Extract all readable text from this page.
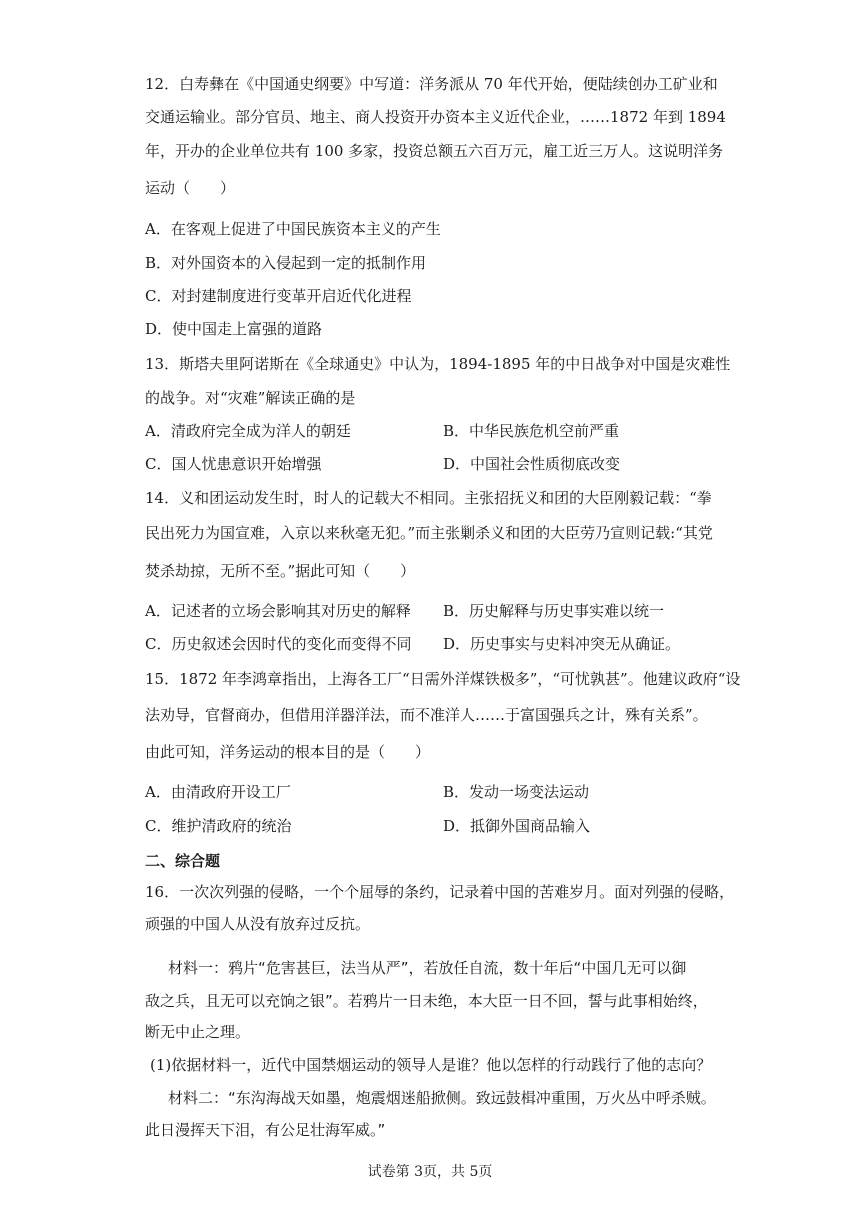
12．白寿彝在《中国通史纲要》中写道：洋务派从 70 年代开始，便陆续创办工矿业和
交通运输业。部分官员、地主、商人投资开办资本主义近代企业，……1872 年到 1894
年，开办的企业单位共有 100 多家，投资总额五六百万元，雇工近三万人。这说明洋务
运动（　　）
A．在客观上促进了中国民族资本主义的产生
B．对外国资本的入侵起到一定的抵制作用
C．对封建制度进行变革开启近代化进程
D．使中国走上富强的道路
13．斯塔夫里阿诺斯在《全球通史》中认为，1894-1895 年的中日战争对中国是灾难性
的战争。对“灾难”解读正确的是
A．清政府完全成为洋人的朝廷	B．中华民族危机空前严重
C．国人忧患意识开始增强	D．中国社会性质彻底改变
14．义和团运动发生时，时人的记载大不相同。主张招抚义和团的大臣刚毅记载：“拳
民出死力为国宣难，入京以来秋毫无犯。”而主张剿杀义和团的大臣劳乃宣则记载:“其党
焚杀劫掠，无所不至。”据此可知（　　）
A．记述者的立场会影响其对历史的解释 B．历史解释与历史事实难以统一
C．历史叙述会因时代的变化而变得不同 D．历史事实与史料冲突无从确证。
15．1872 年李鸿章指出，上海各工厂“日需外洋煤铁极多”，“可忧孰甚”。他建议政府“设
法劝导，官督商办，但借用洋器洋法，而不准洋人……于富国强兵之计，殊有关系”。
由此可知，洋务运动的根本目的是（　　）
A．由清政府开设工厂	B．发动一场变法运动
C．维护清政府的统治	D．抵御外国商品输入
二、综合题
16．一次次列强的侵略，一个个屈辱的条约，记录着中国的苦难岁月。面对列强的侵略，
顽强的中国人从没有放弃过反抗。
材料一：鸦片“危害甚巨，法当从严”，若放任自流，数十年后“中国几无可以御
敌之兵，且无可以充饷之银”。若鸦片一日未绝，本大臣一日不回，誓与此事相始终，
断无中止之理。
(1)依据材料一，近代中国禁烟运动的领导人是谁？他以怎样的行动践行了他的志向？
材料二：“东沟海战天如墨，炮震烟迷船掀侧。致远鼓楫冲重围，万火丛中呼杀贼。
此日漫挥天下泪，有公足壮海军威。”
试卷第 3页，共 5页
